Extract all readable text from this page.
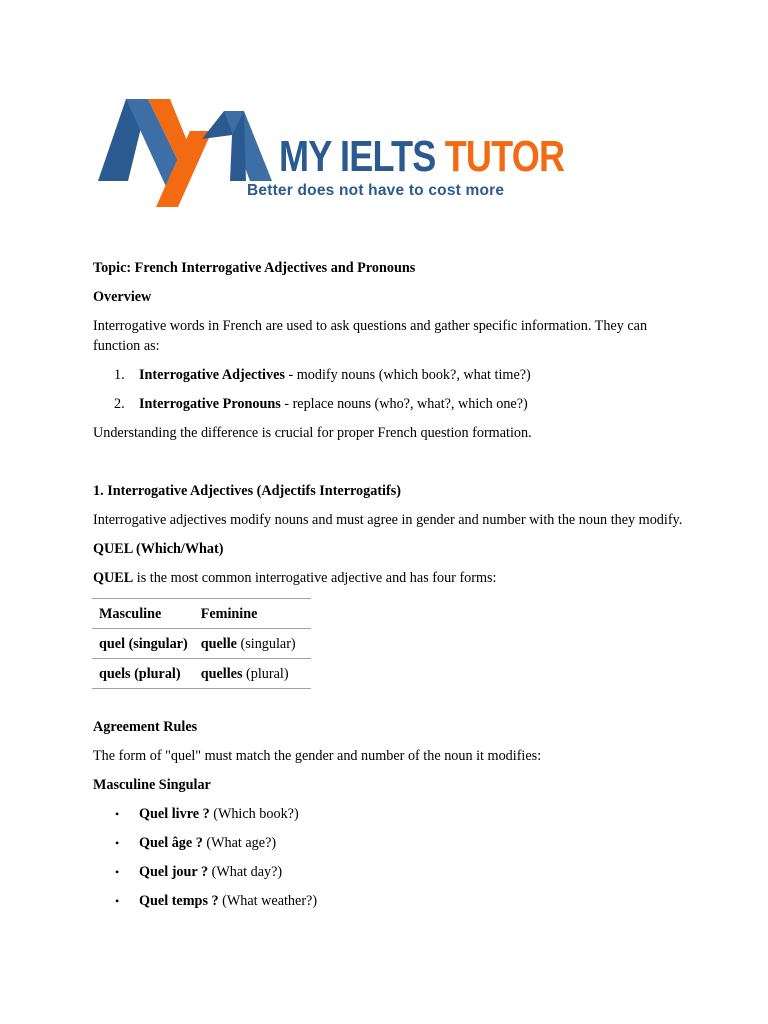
MY IELTS TUTOR
Better does not have to cost more

Topic: French Interrogative Adjectives and Pronouns

Overview

Interrogative words in French are used to ask questions and gather specific information. They can function as:

1. Interrogative Adjectives - modify nouns (which book?, what time?)
2. Interrogative Pronouns - replace nouns (who?, what?, which one?)

Understanding the difference is crucial for proper French question formation.

1. Interrogative Adjectives (Adjectifs Interrogatifs)

Interrogative adjectives modify nouns and must agree in gender and number with the noun they modify.

QUEL (Which/What)

QUEL is the most common interrogative adjective and has four forms:

Masculine	Feminine
quel (singular)	quelle (singular)
quels (plural)	quelles (plural)

Agreement Rules

The form of "quel" must match the gender and number of the noun it modifies:

Masculine Singular

• Quel livre ? (Which book?)
• Quel âge ? (What age?)
• Quel jour ? (What day?)
• Quel temps ? (What weather?)
